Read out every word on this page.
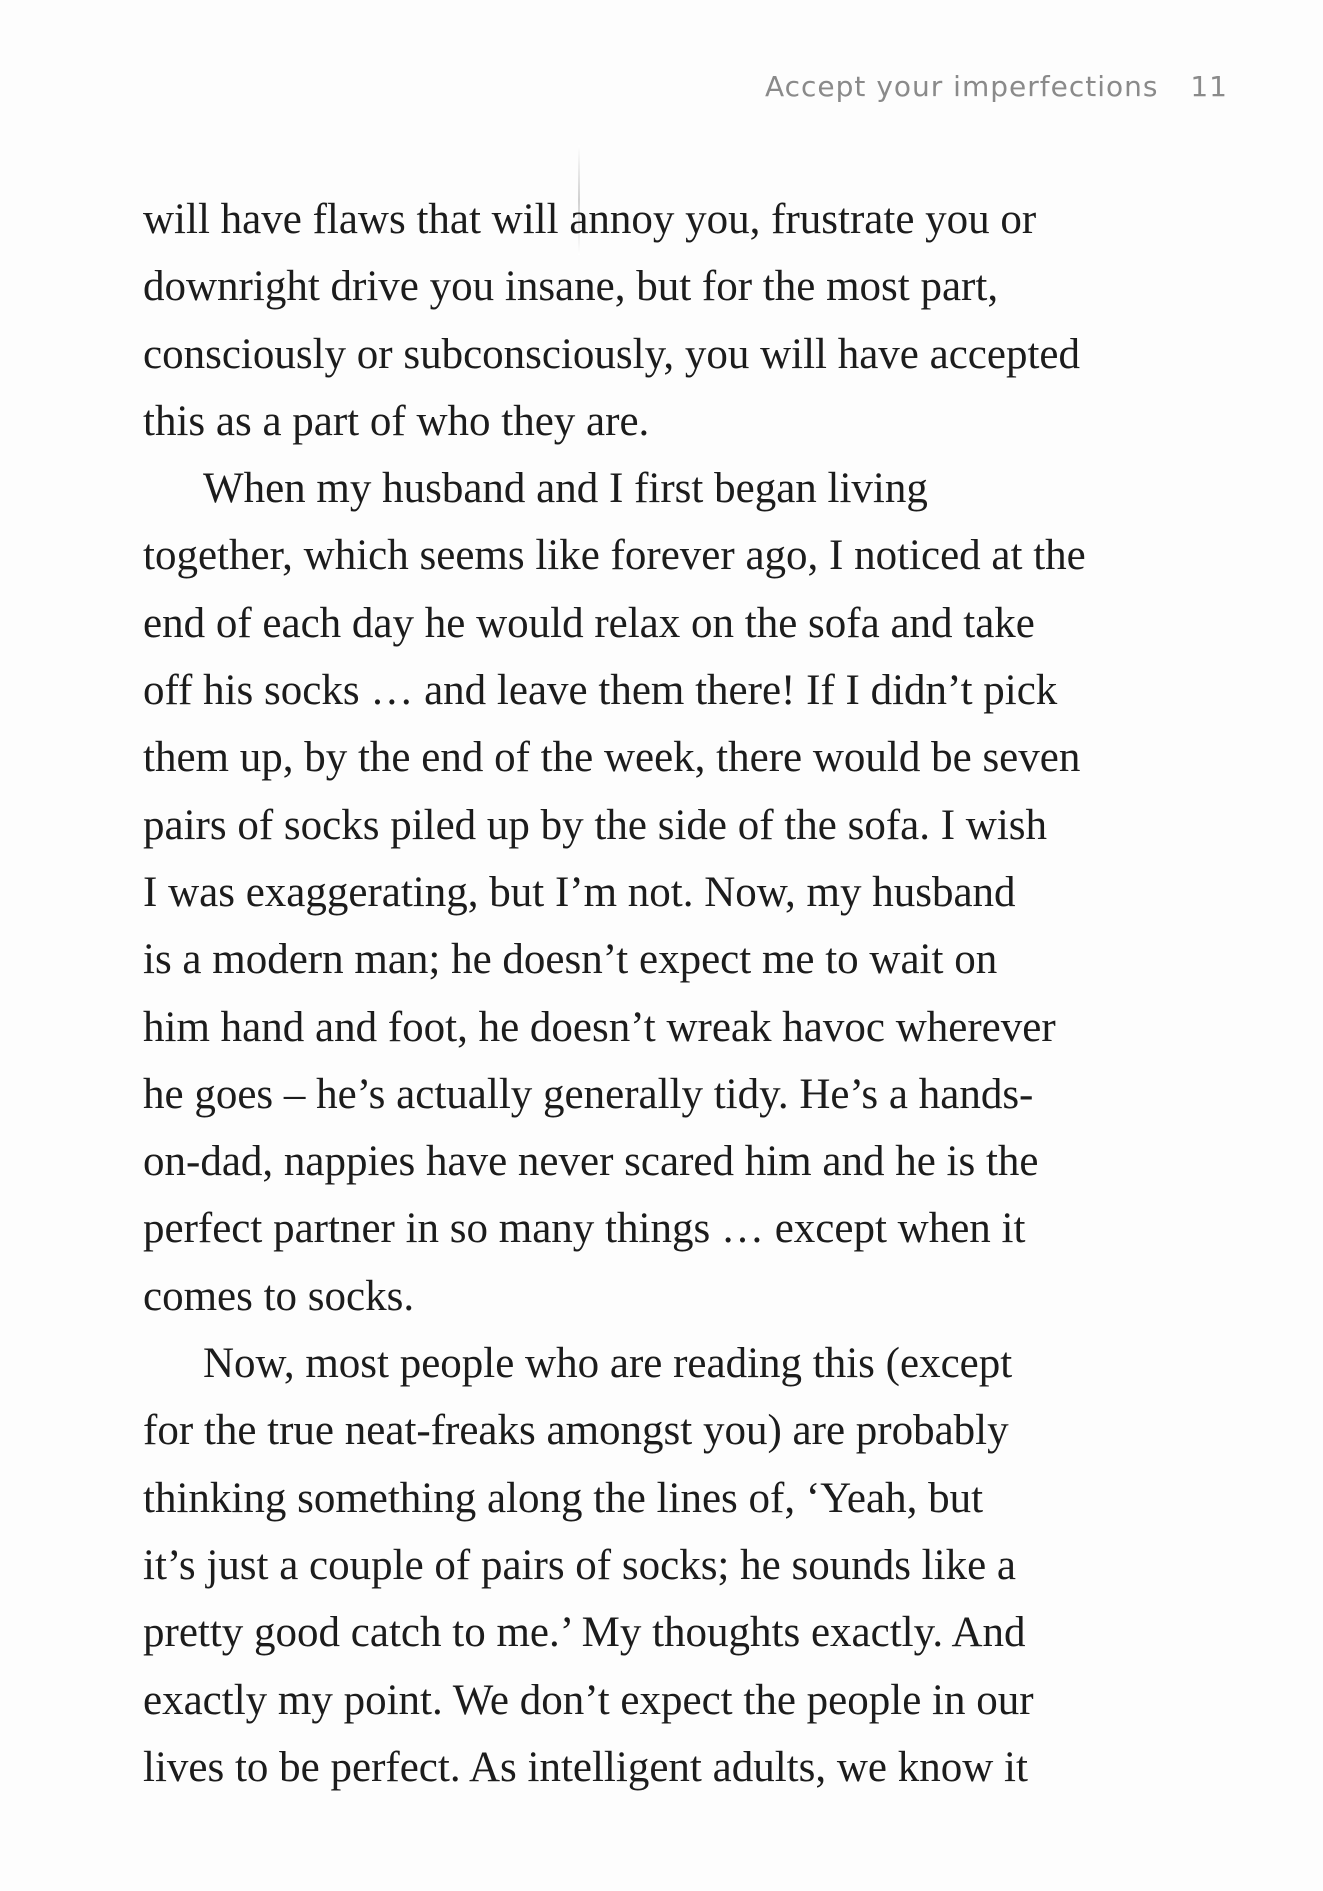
Accept your imperfections 11
will have flaws that will annoy you, frustrate you or
downright drive you insane, but for the most part,
consciously or subconsciously, you will have accepted
this as a part of who they are.
When my husband and I first began living
together, which seems like forever ago, I noticed at the
end of each day he would relax on the sofa and take
off his socks … and leave them there! If I didn’t pick
them up, by the end of the week, there would be seven
pairs of socks piled up by the side of the sofa. I wish
I was exaggerating, but I’m not. Now, my husband
is a modern man; he doesn’t expect me to wait on
him hand and foot, he doesn’t wreak havoc wherever
he goes – he’s actually generally tidy. He’s a hands-
on-dad, nappies have never scared him and he is the
perfect partner in so many things … except when it
comes to socks.
Now, most people who are reading this (except
for the true neat-freaks amongst you) are probably
thinking something along the lines of, ‘Yeah, but
it’s just a couple of pairs of socks; he sounds like a
pretty good catch to me.’ My thoughts exactly. And
exactly my point. We don’t expect the people in our
lives to be perfect. As intelligent adults, we know it
